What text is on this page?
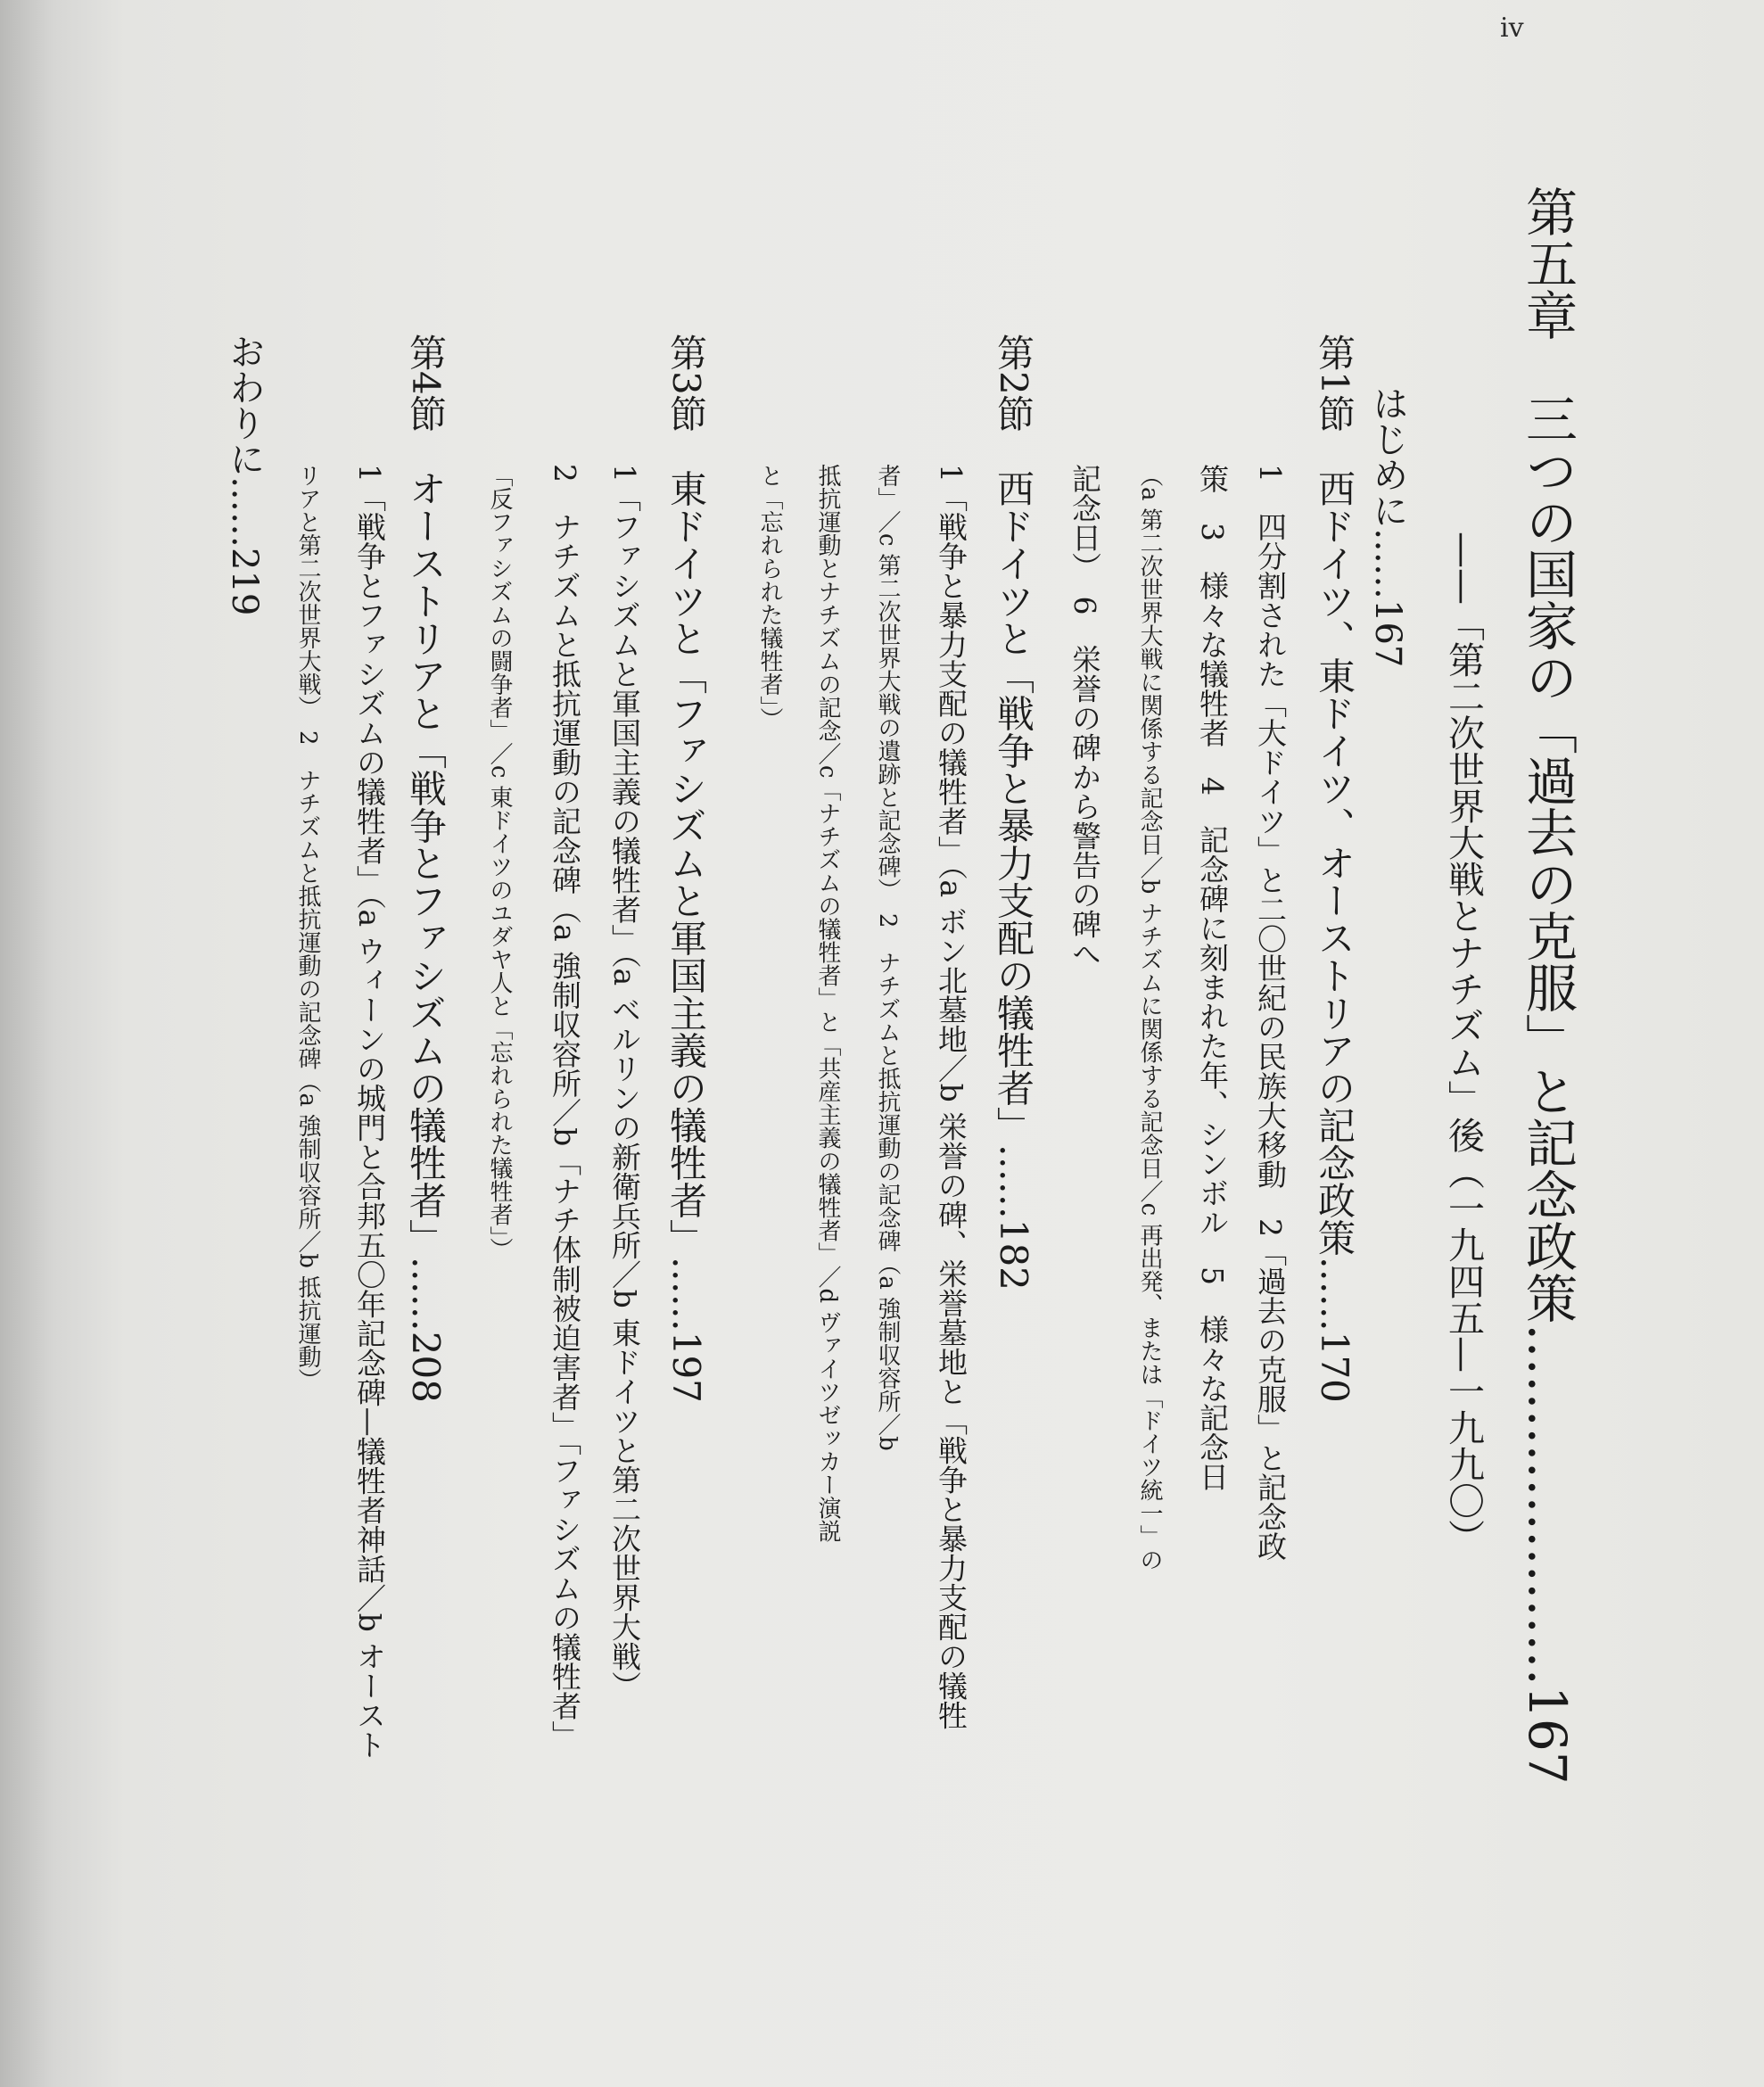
iv
第五章　三つの国家の「過去の克服」と記念政策…………………167
——「第二次世界大戦とナチズム」後（一九四五—一九九〇）
はじめに……167
第1節　西ドイツ、東ドイツ、オーストリアの記念政策……170
1　四分割された「大ドイツ」と二〇世紀の民族大移動　2「過去の克服」と記念政
策　3　様々な犠牲者　4　記念碑に刻まれた年、シンボル　5　様々な記念日
（a 第二次世界大戦に関係する記念日／b ナチズムに関係する記念日／c 再出発、または「ドイツ統一」の
記念日）　6　栄誉の碑から警告の碑へ
第2節　西ドイツと「戦争と暴力支配の犠牲者」……182
1「戦争と暴力支配の犠牲者」（a ボン北墓地／b 栄誉の碑、栄誉墓地と「戦争と暴力支配の犠牲
者」／c 第二次世界大戦の遺跡と記念碑）　2　ナチズムと抵抗運動の記念碑（a 強制収容所／b
抵抗運動とナチズムの記念／c「ナチズムの犠牲者」と「共産主義の犠牲者」／d ヴァイツゼッカー演説
と「忘れられた犠牲者」）
第3節　東ドイツと「ファシズムと軍国主義の犠牲者」……197
1「ファシズムと軍国主義の犠牲者」（a ベルリンの新衛兵所／b 東ドイツと第二次世界大戦）
2　ナチズムと抵抗運動の記念碑（a 強制収容所／b「ナチ体制被迫害者」「ファシズムの犠牲者」
「反ファシズムの闘争者」／c 東ドイツのユダヤ人と「忘れられた犠牲者」）
第4節　オーストリアと「戦争とファシズムの犠牲者」……208
1「戦争とファシズムの犠牲者」（a ウィーンの城門と合邦五〇年記念碑—犠牲者神話／b オースト
リアと第二次世界大戦）　2　ナチズムと抵抗運動の記念碑（a 強制収容所／b 抵抗運動）
おわりに……219
